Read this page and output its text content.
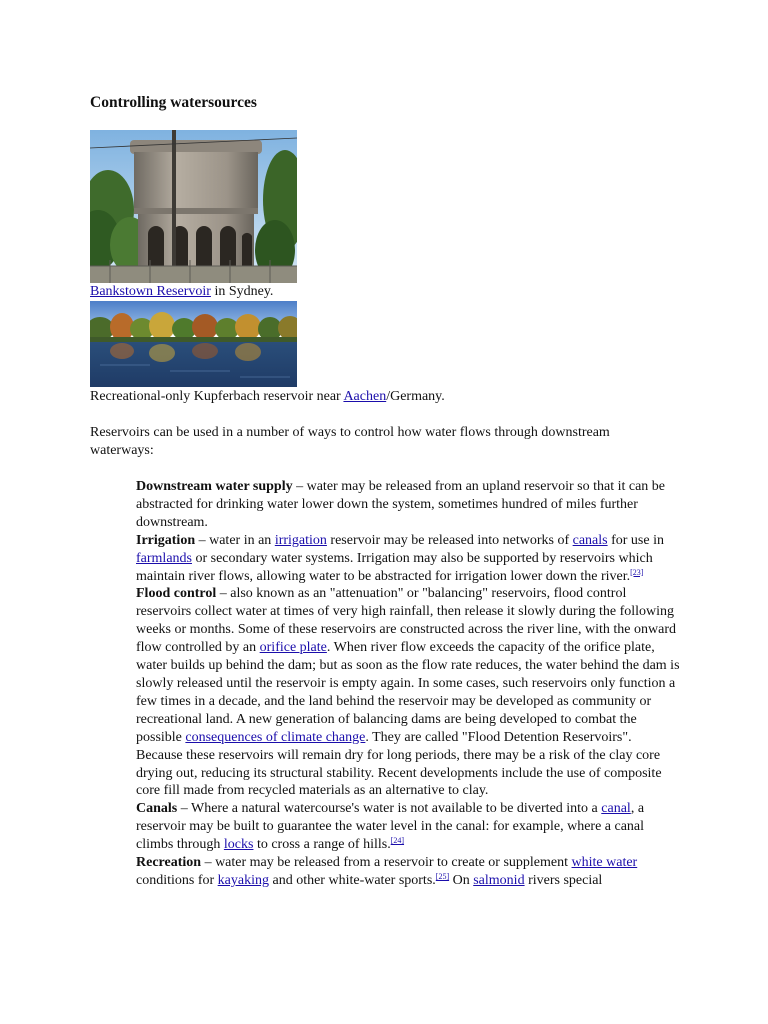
Controlling watersources
Bankstown Reservoir in Sydney.
Recreational-only Kupferbach reservoir near Aachen/Germany.

Reservoirs can be used in a number of ways to control how water flows through downstream waterways:

Downstream water supply – water may be released from an upland reservoir so that it can be abstracted for drinking water lower down the system, sometimes hundred of miles further downstream.

Irrigation – water in an irrigation reservoir may be released into networks of canals for use in farmlands or secondary water systems. Irrigation may also be supported by reservoirs which maintain river flows, allowing water to be abstracted for irrigation lower down the river.[23]

Flood control – also known as an "attenuation" or "balancing" reservoirs, flood control reservoirs collect water at times of very high rainfall, then release it slowly during the following weeks or months. Some of these reservoirs are constructed across the river line, with the onward flow controlled by an orifice plate. When river flow exceeds the capacity of the orifice plate, water builds up behind the dam; but as soon as the flow rate reduces, the water behind the dam is slowly released until the reservoir is empty again. In some cases, such reservoirs only function a few times in a decade, and the land behind the reservoir may be developed as community or recreational land. A new generation of balancing dams are being developed to combat the possible consequences of climate change. They are called "Flood Detention Reservoirs". Because these reservoirs will remain dry for long periods, there may be a risk of the clay core drying out, reducing its structural stability. Recent developments include the use of composite core fill made from recycled materials as an alternative to clay.

Canals – Where a natural watercourse's water is not available to be diverted into a canal, a reservoir may be built to guarantee the water level in the canal: for example, where a canal climbs through locks to cross a range of hills.[24]

Recreation – water may be released from a reservoir to create or supplement white water conditions for kayaking and other white-water sports.[25] On salmonid rivers special
